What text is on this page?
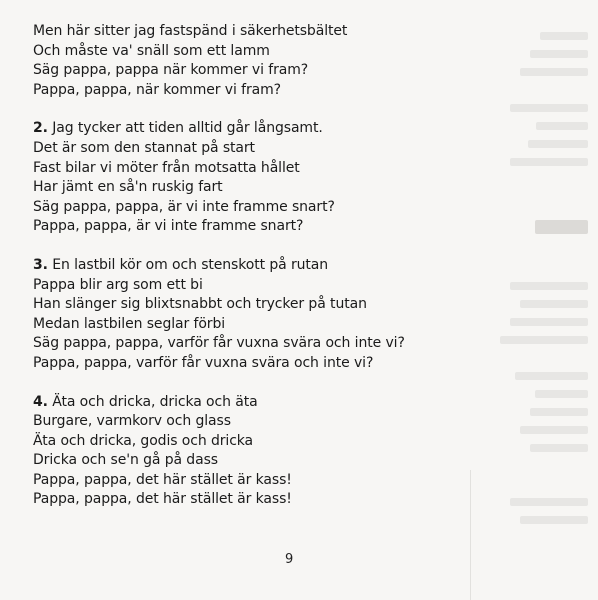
Men här sitter jag fastspänd i säkerhetsbältet
Och måste va' snäll som ett lamm
Säg pappa, pappa när kommer vi fram?
Pappa, pappa, när kommer vi fram?
2. Jag tycker att tiden alltid går långsamt.
Det är som den stannat på start
Fast bilar vi möter från motsatta hållet
Har jämt en så'n ruskig fart
Säg pappa, pappa, är vi inte framme snart?
Pappa, pappa, är vi inte framme snart?
3. En lastbil kör om och stenskott på rutan
Pappa blir arg som ett bi
Han slänger sig blixtsnabbt och trycker på tutan
Medan lastbilen seglar förbi
Säg pappa, pappa, varför får vuxna svära och inte vi?
Pappa, pappa, varför får vuxna svära och inte vi?
4. Äta och dricka, dricka och äta
Burgare, varmkorv och glass
Äta och dricka, godis och dricka
Dricka och se'n gå på dass
Pappa, pappa, det här stället är kass!
Pappa, pappa, det här stället är kass!
9
